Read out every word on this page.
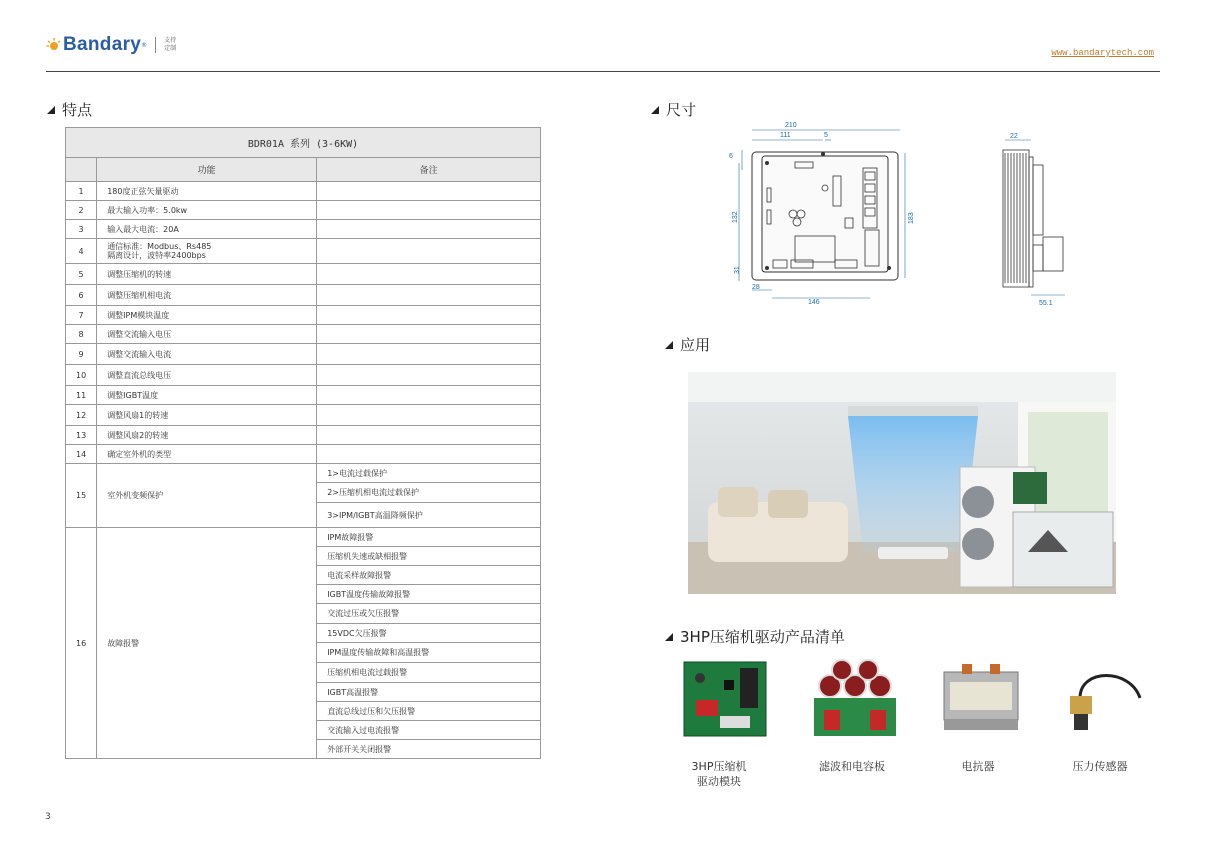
Bandary ®
支持
定制	www.bandarytech.com
特点
BDR01A 系列 (3-6KW)		
	功能	备注
1	180度正弦矢量驱动	
2	最大输入功率：5.0kw	
3	输入最大电流：20A	
4	通信标准：Modbus、Rs485
隔离设计，波特率2400bps	

5	调整压缩机的转速	
6	调整压缩机相电流	
7	调整IPM模块温度	
8	调整交流输入电压	
9	调整交流输入电流	
10	调整直流总线电压	
11	调整IGBT温度	
12	调整风扇1的转速	
13	调整风扇2的转速	
14	确定室外机的类型	
15	室外机变频保护	1>电流过载保护
		2>压缩机相电流过载保护
		3>IPM/IGBT高温降频保护
16	故障报警	IPM故障报警
		压缩机失速或缺相报警
		电流采样故障报警
		IGBT温度传输故障报警
		交流过压或欠压报警
		15VDC欠压报警
		IPM温度传输故障和高温报警
		压缩机相电流过载报警
		IGBT高温报警
		直流总线过压和欠压报警
		交流输入过电流报警
		外部开关关闭报警
尺寸
210
111	5
6
132	183
31
28
146
22
55.1
应用
3HP压缩机驱动产品清单
3HP压缩机
驱动模块
滤波和电容板	电抗器	压力传感器
3
